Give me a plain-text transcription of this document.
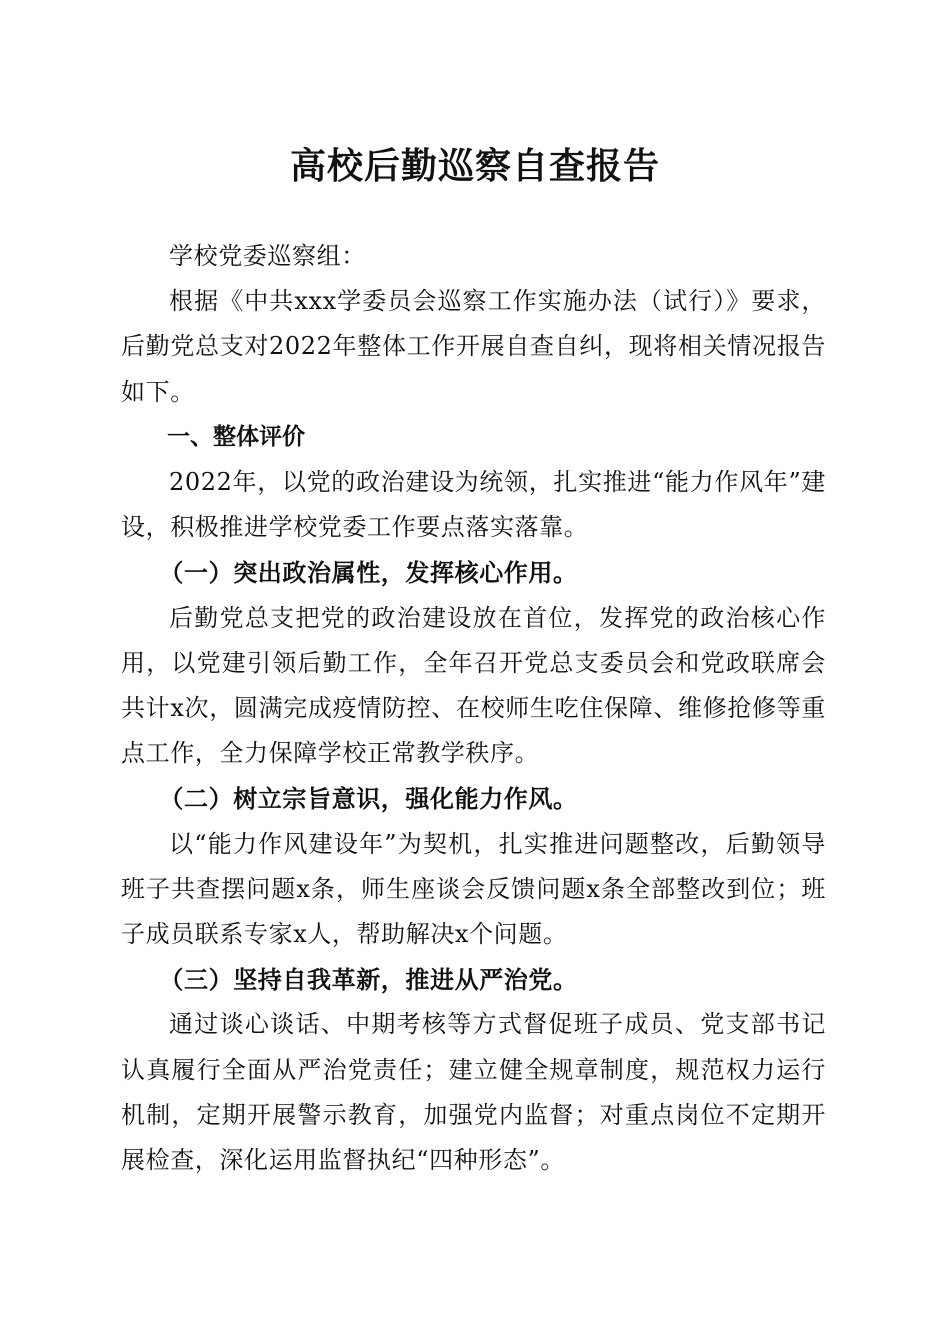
高校后勤巡察自查报告

学校党委巡察组：

根据《中共xxx学委员会巡察工作实施办法（试行）》要求，后勤党总支对2022年整体工作开展自查自纠，现将相关情况报告如下。

一、整体评价

2022年，以党的政治建设为统领，扎实推进“能力作风年”建设，积极推进学校党委工作要点落实落靠。

（一）突出政治属性，发挥核心作用。

后勤党总支把党的政治建设放在首位，发挥党的政治核心作用，以党建引领后勤工作，全年召开党总支委员会和党政联席会共计x次，圆满完成疫情防控、在校师生吃住保障、维修抢修等重点工作，全力保障学校正常教学秩序。

（二）树立宗旨意识，强化能力作风。

以“能力作风建设年”为契机，扎实推进问题整改，后勤领导班子共查摆问题x条，师生座谈会反馈问题x条全部整改到位；班子成员联系专家x人，帮助解决x个问题。

（三）坚持自我革新，推进从严治党。

通过谈心谈话、中期考核等方式督促班子成员、党支部书记认真履行全面从严治党责任；建立健全规章制度，规范权力运行机制，定期开展警示教育，加强党内监督；对重点岗位不定期开展检查，深化运用监督执纪“四种形态”。
